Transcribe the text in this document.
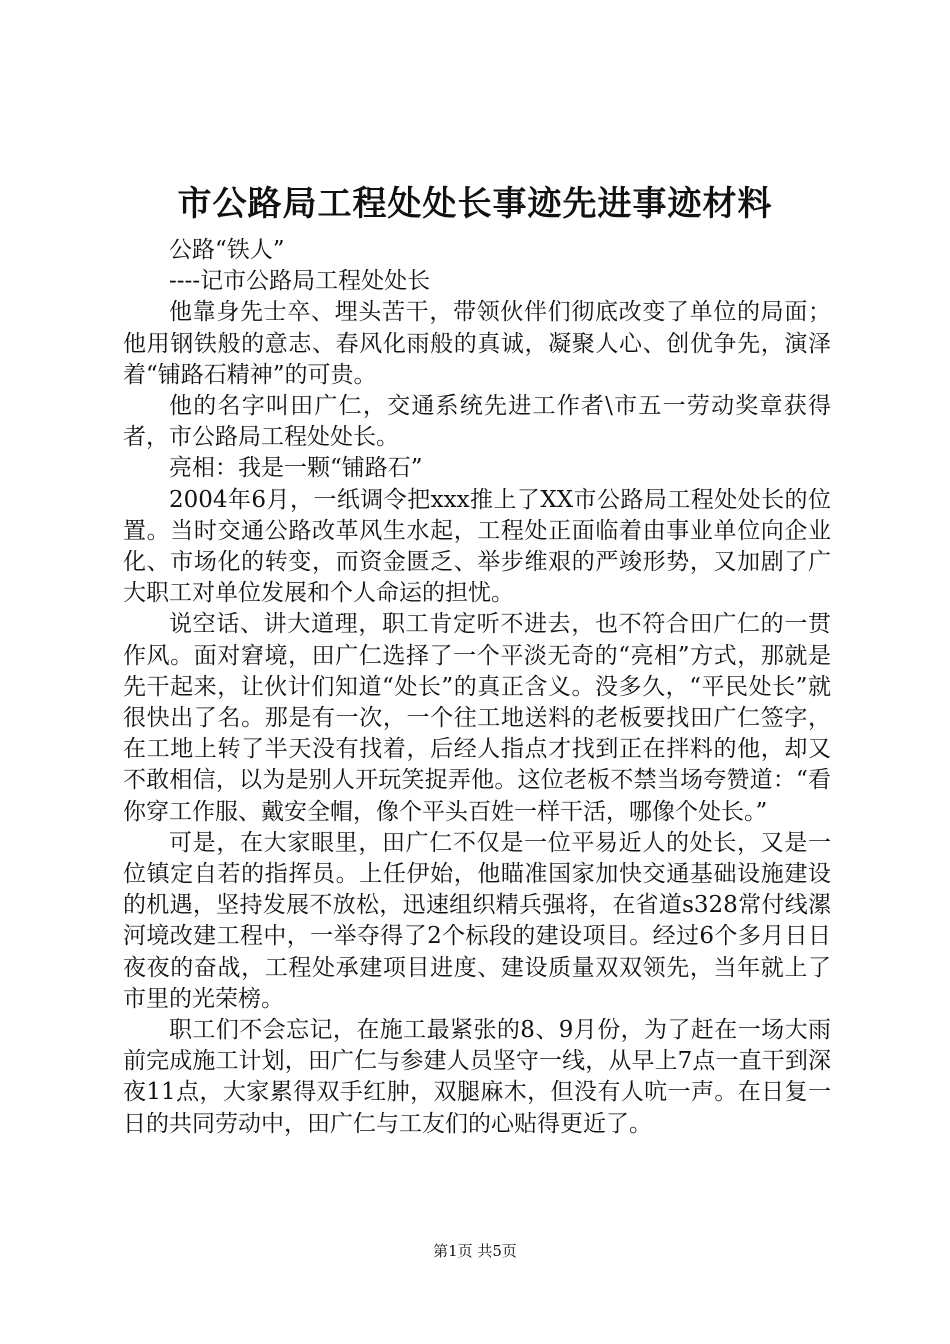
市公路局工程处处长事迹先进事迹材料

公路“铁人”

----记市公路局工程处处长

他靠身先士卒、埋头苦干，带领伙伴们彻底改变了单位的局面；他用钢铁般的意志、春风化雨般的真诚，凝聚人心、创优争先，演泽着“铺路石精神”的可贵。

他的名字叫田广仁，交通系统先进工作者\市五一劳动奖章获得者，市公路局工程处处长。

亮相：我是一颗“铺路石”

2004年6月，一纸调令把xxx推上了XX市公路局工程处处长的位置。当时交通公路改革风生水起，工程处正面临着由事业单位向企业化、市场化的转变，而资金匮乏、举步维艰的严竣形势，又加剧了广大职工对单位发展和个人命运的担忧。

说空话、讲大道理，职工肯定听不进去，也不符合田广仁的一贯作风。面对窘境，田广仁选择了一个平淡无奇的“亮相”方式，那就是先干起来，让伙计们知道“处长”的真正含义。没多久，“平民处长”就很快出了名。那是有一次，一个往工地送料的老板要找田广仁签字，在工地上转了半天没有找着，后经人指点才找到正在拌料的他，却又不敢相信，以为是别人开玩笑捉弄他。这位老板不禁当场夸赞道：“看你穿工作服、戴安全帽，像个平头百姓一样干活，哪像个处长。”

可是，在大家眼里，田广仁不仅是一位平易近人的处长，又是一位镇定自若的指挥员。上任伊始，他瞄准国家加快交通基础设施建设的机遇，坚持发展不放松，迅速组织精兵强将，在省道s328常付线漯河境改建工程中，一举夺得了2个标段的建设项目。经过6个多月日日夜夜的奋战，工程处承建项目进度、建设质量双双领先，当年就上了市里的光荣榜。

职工们不会忘记，在施工最紧张的8、9月份，为了赶在一场大雨前完成施工计划，田广仁与参建人员坚守一线，从早上7点一直干到深夜11点，大家累得双手红肿，双腿麻木，但没有人吭一声。在日复一日的共同劳动中，田广仁与工友们的心贴得更近了。

第1页 共5页
